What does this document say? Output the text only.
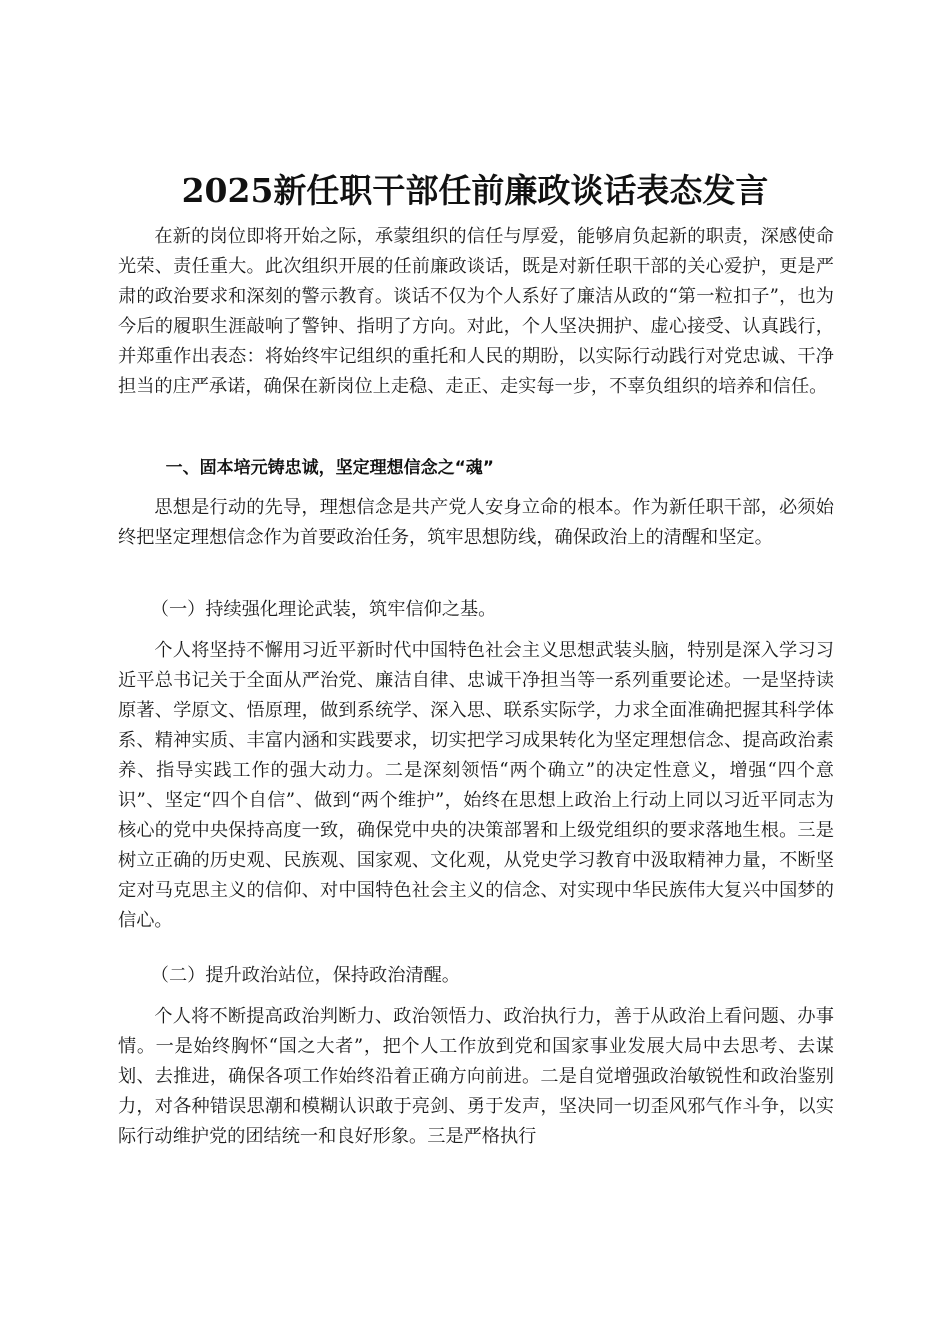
2025新任职干部任前廉政谈话表态发言

在新的岗位即将开始之际，承蒙组织的信任与厚爱，能够肩负起新的职责，深感使命光荣、责任重大。此次组织开展的任前廉政谈话，既是对新任职干部的关心爱护，更是严肃的政治要求和深刻的警示教育。谈话不仅为个人系好了廉洁从政的“第一粒扣子”，也为今后的履职生涯敲响了警钟、指明了方向。对此，个人坚决拥护、虚心接受、认真践行，并郑重作出表态：将始终牢记组织的重托和人民的期盼，以实际行动践行对党忠诚、干净担当的庄严承诺，确保在新岗位上走稳、走正、走实每一步，不辜负组织的培养和信任。

一、固本培元铸忠诚，坚定理想信念之“魂”

思想是行动的先导，理想信念是共产党人安身立命的根本。作为新任职干部，必须始终把坚定理想信念作为首要政治任务，筑牢思想防线，确保政治上的清醒和坚定。

（一）持续强化理论武装，筑牢信仰之基。

个人将坚持不懈用习近平新时代中国特色社会主义思想武装头脑，特别是深入学习习近平总书记关于全面从严治党、廉洁自律、忠诚干净担当等一系列重要论述。一是坚持读原著、学原文、悟原理，做到系统学、深入思、联系实际学，力求全面准确把握其科学体系、精神实质、丰富内涵和实践要求，切实把学习成果转化为坚定理想信念、提高政治素养、指导实践工作的强大动力。二是深刻领悟“两个确立”的决定性意义，增强“四个意识”、坚定“四个自信”、做到“两个维护”，始终在思想上政治上行动上同以习近平同志为核心的党中央保持高度一致，确保党中央的决策部署和上级党组织的要求落地生根。三是树立正确的历史观、民族观、国家观、文化观，从党史学习教育中汲取精神力量，不断坚定对马克思主义的信仰、对中国特色社会主义的信念、对实现中华民族伟大复兴中国梦的信心。

（二）提升政治站位，保持政治清醒。

个人将不断提高政治判断力、政治领悟力、政治执行力，善于从政治上看问题、办事情。一是始终胸怀“国之大者”，把个人工作放到党和国家事业发展大局中去思考、去谋划、去推进，确保各项工作始终沿着正确方向前进。二是自觉增强政治敏锐性和政治鉴别力，对各种错误思潮和模糊认识敢于亮剑、勇于发声，坚决同一切歪风邪气作斗争，以实际行动维护党的团结统一和良好形象。三是严格执行
